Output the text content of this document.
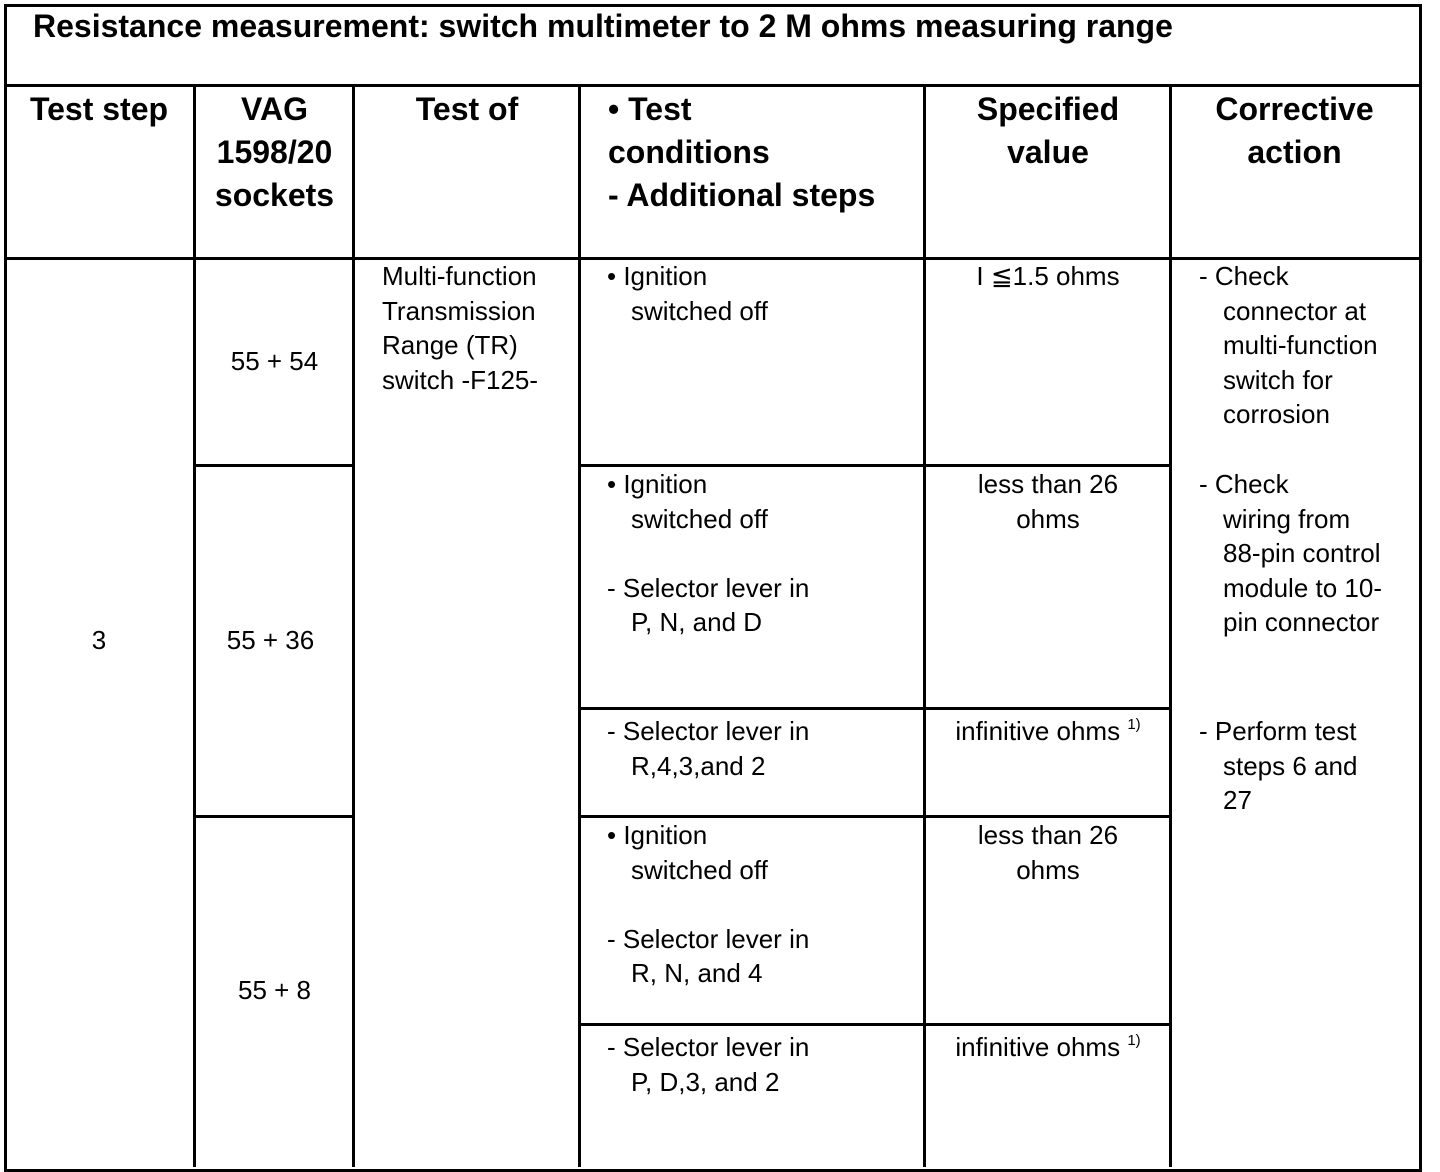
Resistance measurement: switch multimeter to 2 M ohms measuring range
Test step	VAG
1598/20
sockets
Test of	• Test
conditions
- Additional steps
Specified
value
Corrective
action
3
55 + 54
55 + 36
55 + 8
Multi-function
Transmission
Range (TR)
switch -F125-
• Ignition
switched off
• Ignition
switched off

- Selector lever in
P, N, and D
- Selector lever in
R,4,3,and 2
• Ignition
switched off

- Selector lever in
R, N, and 4
- Selector lever in
P, D,3, and 2
I ≦1.5 ohms
less than 26
ohms
infinitive ohms $^{1)}$
less than 26
ohms
infinitive ohms $^{1)}$
- Check
connector at
multi-function
switch for
corrosion
- Check
wiring from
88-pin control
module to 10-
pin connector
- Perform test
steps 6 and
27
